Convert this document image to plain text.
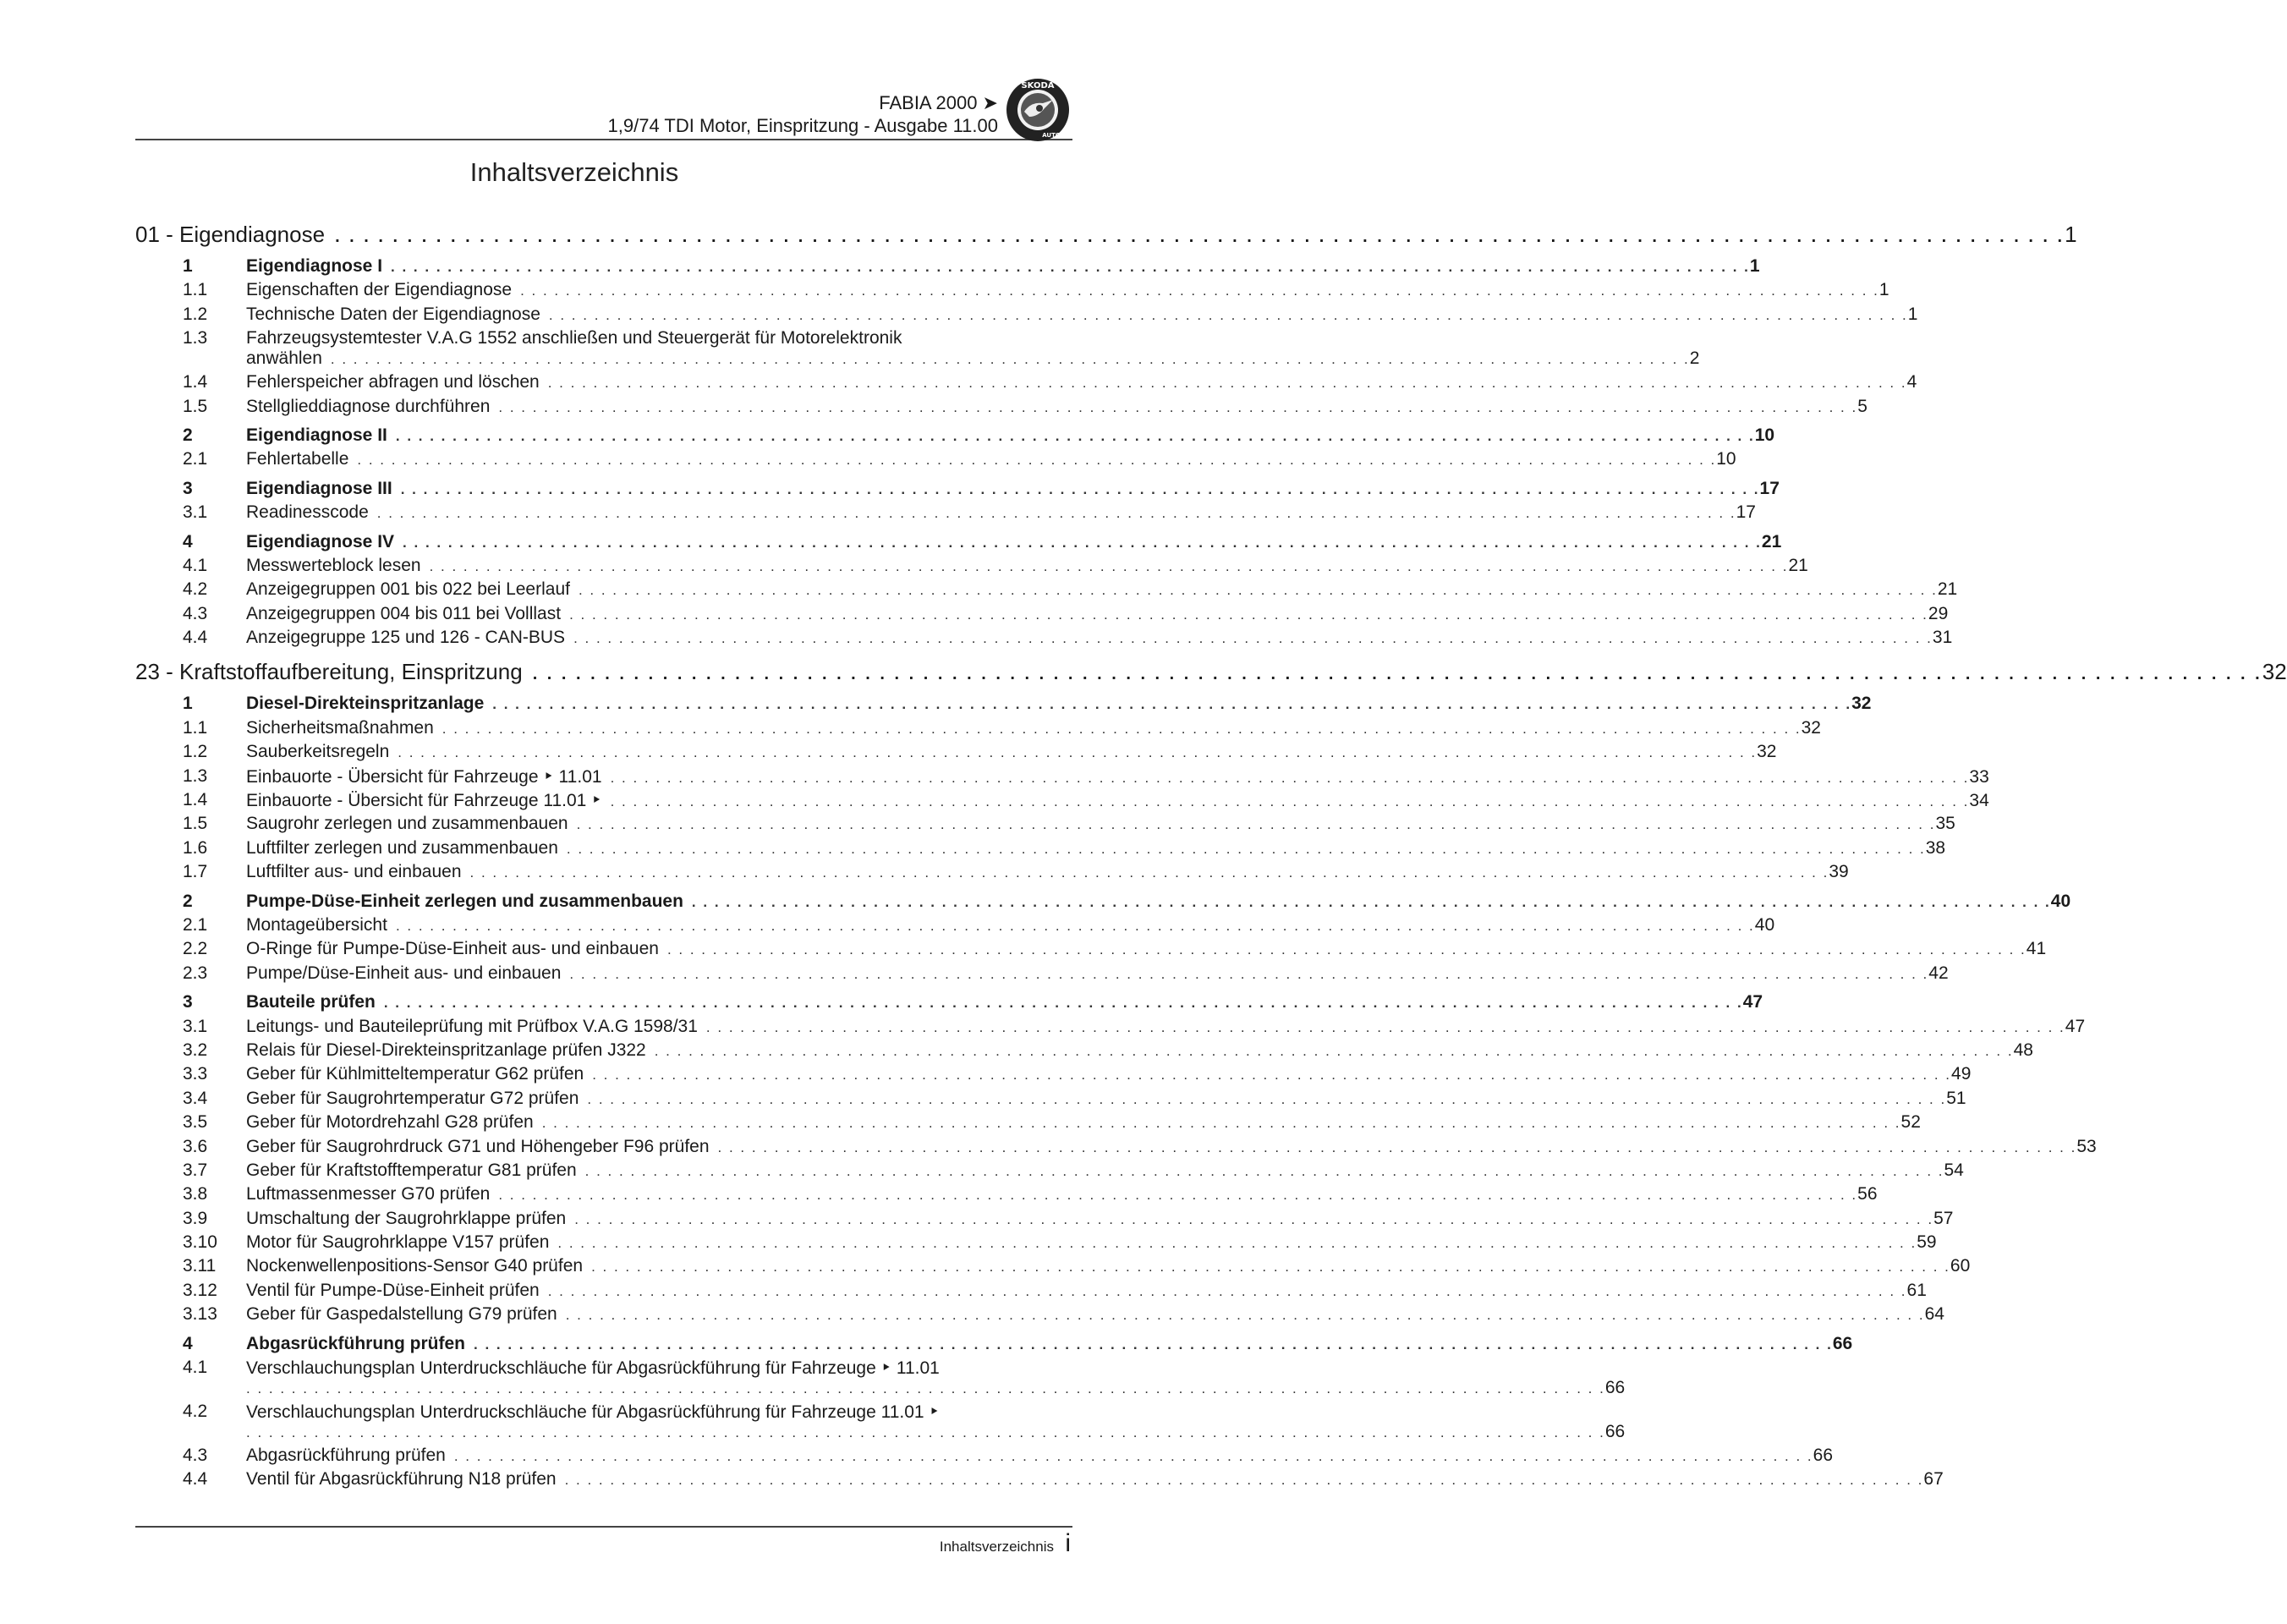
FABIA 2000 ➤
1,9/74 TDI Motor, Einspritzung - Ausgabe 11.00
ŠKODA
AUTO
Inhaltsverzeichnis
01 - Eigendiagnose . . . . . . . . . . . . . . . . . . . . . . . . . . . . . . . . . . . . . . . . . . . . . . . . . . . . . . . . . . . . . . . . . . . . . . . . . . . . . . . . . . . . . . . . . . . . . . . . . . . . . . . . . . . . . . . . . . . . . . . . 1
1	Eigendiagnose I . . . . . . . . . . . . . . . . . . . . . . . . . . . . . . . . . . . . . . . . . . . . . . . . . . . . . . . . . . . . . . . . . . . . . . . . . . . . . . . . . . . . . . . . . . . . . . . . . . . . . . . . . . . . . . . . . . . . . . . . 1
1.1 Eigenschaften der Eigendiagnose . . . . . . . . . . . . . . . . . . . . . . . . . . . . . . . . . . . . . . . . . . . . . . . . . . . . . . . . . . . . . . . . . . . . . . . . . . . . . . . . . . . . . . . . . . . . . . . . . . . . . . . . . . . . . . . . . . . . . . . . 1
1.2 Technische Daten der Eigendiagnose . . . . . . . . . . . . . . . . . . . . . . . . . . . . . . . . . . . . . . . . . . . . . . . . . . . . . . . . . . . . . . . . . . . . . . . . . . . . . . . . . . . . . . . . . . . . . . . . . . . . . . . . . . . . . . . . . . . . . . . . 1
1.3 Fahrzeugsystemtester V.A.G 1552 anschließen und Steuergerät für Motorelektronik
anwählen . . . . . . . . . . . . . . . . . . . . . . . . . . . . . . . . . . . . . . . . . . . . . . . . . . . . . . . . . . . . . . . . . . . . . . . . . . . . . . . . . . . . . . . . . . . . . . . . . . . . . . . . . . . . . . . . . . . . . . . . 2
1.4 Fehlerspeicher abfragen und löschen . . . . . . . . . . . . . . . . . . . . . . . . . . . . . . . . . . . . . . . . . . . . . . . . . . . . . . . . . . . . . . . . . . . . . . . . . . . . . . . . . . . . . . . . . . . . . . . . . . . . . . . . . . . . . . . . . . . . . . . . 4
1.5 Stellglieddiagnose durchführen . . . . . . . . . . . . . . . . . . . . . . . . . . . . . . . . . . . . . . . . . . . . . . . . . . . . . . . . . . . . . . . . . . . . . . . . . . . . . . . . . . . . . . . . . . . . . . . . . . . . . . . . . . . . . . . . . . . . . . . . 5
2	Eigendiagnose II . . . . . . . . . . . . . . . . . . . . . . . . . . . . . . . . . . . . . . . . . . . . . . . . . . . . . . . . . . . . . . . . . . . . . . . . . . . . . . . . . . . . . . . . . . . . . . . . . . . . . . . . . . . . . . . . . . . . . . . . 10
2.1 Fehlertabelle . . . . . . . . . . . . . . . . . . . . . . . . . . . . . . . . . . . . . . . . . . . . . . . . . . . . . . . . . . . . . . . . . . . . . . . . . . . . . . . . . . . . . . . . . . . . . . . . . . . . . . . . . . . . . . . . . . . . . . . . 10
3	Eigendiagnose III . . . . . . . . . . . . . . . . . . . . . . . . . . . . . . . . . . . . . . . . . . . . . . . . . . . . . . . . . . . . . . . . . . . . . . . . . . . . . . . . . . . . . . . . . . . . . . . . . . . . . . . . . . . . . . . . . . . . . . . . 17
3.1 Readinesscode . . . . . . . . . . . . . . . . . . . . . . . . . . . . . . . . . . . . . . . . . . . . . . . . . . . . . . . . . . . . . . . . . . . . . . . . . . . . . . . . . . . . . . . . . . . . . . . . . . . . . . . . . . . . . . . . . . . . . . . . 17
4	Eigendiagnose IV . . . . . . . . . . . . . . . . . . . . . . . . . . . . . . . . . . . . . . . . . . . . . . . . . . . . . . . . . . . . . . . . . . . . . . . . . . . . . . . . . . . . . . . . . . . . . . . . . . . . . . . . . . . . . . . . . . . . . . . . 21
4.1 Messwerteblock lesen . . . . . . . . . . . . . . . . . . . . . . . . . . . . . . . . . . . . . . . . . . . . . . . . . . . . . . . . . . . . . . . . . . . . . . . . . . . . . . . . . . . . . . . . . . . . . . . . . . . . . . . . . . . . . . . . . . . . . . . . 21
4.2 Anzeigegruppen 001 bis 022 bei Leerlauf . . . . . . . . . . . . . . . . . . . . . . . . . . . . . . . . . . . . . . . . . . . . . . . . . . . . . . . . . . . . . . . . . . . . . . . . . . . . . . . . . . . . . . . . . . . . . . . . . . . . . . . . . . . . . . . . . . . . . . . . 21
4.3 Anzeigegruppen 004 bis 011 bei Volllast . . . . . . . . . . . . . . . . . . . . . . . . . . . . . . . . . . . . . . . . . . . . . . . . . . . . . . . . . . . . . . . . . . . . . . . . . . . . . . . . . . . . . . . . . . . . . . . . . . . . . . . . . . . . . . . . . . . . . . . . 29
4.4 Anzeigegruppe 125 und 126 - CAN-BUS . . . . . . . . . . . . . . . . . . . . . . . . . . . . . . . . . . . . . . . . . . . . . . . . . . . . . . . . . . . . . . . . . . . . . . . . . . . . . . . . . . . . . . . . . . . . . . . . . . . . . . . . . . . . . . . . . . . . . . . . 31
23 - Kraftstoffaufbereitung, Einspritzung . . . . . . . . . . . . . . . . . . . . . . . . . . . . . . . . . . . . . . . . . . . . . . . . . . . . . . . . . . . . . . . . . . . . . . . . . . . . . . . . . . . . . . . . . . . . . . . . . . . . . . . . . . . . . . . . . . . . . . . . 32
1	Diesel-Direkteinspritzanlage . . . . . . . . . . . . . . . . . . . . . . . . . . . . . . . . . . . . . . . . . . . . . . . . . . . . . . . . . . . . . . . . . . . . . . . . . . . . . . . . . . . . . . . . . . . . . . . . . . . . . . . . . . . . . . . . . . . . . . . . 32
1.1 Sicherheitsmaßnahmen . . . . . . . . . . . . . . . . . . . . . . . . . . . . . . . . . . . . . . . . . . . . . . . . . . . . . . . . . . . . . . . . . . . . . . . . . . . . . . . . . . . . . . . . . . . . . . . . . . . . . . . . . . . . . . . . . . . . . . . . 32
1.2 Sauberkeitsregeln . . . . . . . . . . . . . . . . . . . . . . . . . . . . . . . . . . . . . . . . . . . . . . . . . . . . . . . . . . . . . . . . . . . . . . . . . . . . . . . . . . . . . . . . . . . . . . . . . . . . . . . . . . . . . . . . . . . . . . . . 32
1.3 Einbauorte - Übersicht für Fahrzeuge ‣ 11.01 . . . . . . . . . . . . . . . . . . . . . . . . . . . . . . . . . . . . . . . . . . . . . . . . . . . . . . . . . . . . . . . . . . . . . . . . . . . . . . . . . . . . . . . . . . . . . . . . . . . . . . . . . . . . . . . . . . . . . . . . 33
1.4 Einbauorte - Übersicht für Fahrzeuge 11.01 ‣ . . . . . . . . . . . . . . . . . . . . . . . . . . . . . . . . . . . . . . . . . . . . . . . . . . . . . . . . . . . . . . . . . . . . . . . . . . . . . . . . . . . . . . . . . . . . . . . . . . . . . . . . . . . . . . . . . . . . . . . . 34
1.5 Saugrohr zerlegen und zusammenbauen . . . . . . . . . . . . . . . . . . . . . . . . . . . . . . . . . . . . . . . . . . . . . . . . . . . . . . . . . . . . . . . . . . . . . . . . . . . . . . . . . . . . . . . . . . . . . . . . . . . . . . . . . . . . . . . . . . . . . . . . 35
1.6 Luftfilter zerlegen und zusammenbauen . . . . . . . . . . . . . . . . . . . . . . . . . . . . . . . . . . . . . . . . . . . . . . . . . . . . . . . . . . . . . . . . . . . . . . . . . . . . . . . . . . . . . . . . . . . . . . . . . . . . . . . . . . . . . . . . . . . . . . . . 38
1.7 Luftfilter aus- und einbauen . . . . . . . . . . . . . . . . . . . . . . . . . . . . . . . . . . . . . . . . . . . . . . . . . . . . . . . . . . . . . . . . . . . . . . . . . . . . . . . . . . . . . . . . . . . . . . . . . . . . . . . . . . . . . . . . . . . . . . . . 39
2	Pumpe-Düse-Einheit zerlegen und zusammenbauen . . . . . . . . . . . . . . . . . . . . . . . . . . . . . . . . . . . . . . . . . . . . . . . . . . . . . . . . . . . . . . . . . . . . . . . . . . . . . . . . . . . . . . . . . . . . . . . . . . . . . . . . . . . . . . . . . . . . . . . . 40
2.1 Montageübersicht . . . . . . . . . . . . . . . . . . . . . . . . . . . . . . . . . . . . . . . . . . . . . . . . . . . . . . . . . . . . . . . . . . . . . . . . . . . . . . . . . . . . . . . . . . . . . . . . . . . . . . . . . . . . . . . . . . . . . . . . 40
2.2 O-Ringe für Pumpe-Düse-Einheit aus- und einbauen . . . . . . . . . . . . . . . . . . . . . . . . . . . . . . . . . . . . . . . . . . . . . . . . . . . . . . . . . . . . . . . . . . . . . . . . . . . . . . . . . . . . . . . . . . . . . . . . . . . . . . . . . . . . . . . . . . . . . . . . 41
2.3 Pumpe/Düse-Einheit aus- und einbauen . . . . . . . . . . . . . . . . . . . . . . . . . . . . . . . . . . . . . . . . . . . . . . . . . . . . . . . . . . . . . . . . . . . . . . . . . . . . . . . . . . . . . . . . . . . . . . . . . . . . . . . . . . . . . . . . . . . . . . . . 42
3	Bauteile prüfen . . . . . . . . . . . . . . . . . . . . . . . . . . . . . . . . . . . . . . . . . . . . . . . . . . . . . . . . . . . . . . . . . . . . . . . . . . . . . . . . . . . . . . . . . . . . . . . . . . . . . . . . . . . . . . . . . . . . . . . . 47
3.1 Leitungs- und Bauteileprüfung mit Prüfbox V.A.G 1598/31 . . . . . . . . . . . . . . . . . . . . . . . . . . . . . . . . . . . . . . . . . . . . . . . . . . . . . . . . . . . . . . . . . . . . . . . . . . . . . . . . . . . . . . . . . . . . . . . . . . . . . . . . . . . . . . . . . . . . . . . . 47
3.2 Relais für Diesel-Direkteinspritzanlage prüfen J322 . . . . . . . . . . . . . . . . . . . . . . . . . . . . . . . . . . . . . . . . . . . . . . . . . . . . . . . . . . . . . . . . . . . . . . . . . . . . . . . . . . . . . . . . . . . . . . . . . . . . . . . . . . . . . . . . . . . . . . . . 48
3.3 Geber für Kühlmitteltemperatur G62 prüfen . . . . . . . . . . . . . . . . . . . . . . . . . . . . . . . . . . . . . . . . . . . . . . . . . . . . . . . . . . . . . . . . . . . . . . . . . . . . . . . . . . . . . . . . . . . . . . . . . . . . . . . . . . . . . . . . . . . . . . . . 49
3.4 Geber für Saugrohrtemperatur G72 prüfen . . . . . . . . . . . . . . . . . . . . . . . . . . . . . . . . . . . . . . . . . . . . . . . . . . . . . . . . . . . . . . . . . . . . . . . . . . . . . . . . . . . . . . . . . . . . . . . . . . . . . . . . . . . . . . . . . . . . . . . . 51
3.5 Geber für Motordrehzahl G28 prüfen . . . . . . . . . . . . . . . . . . . . . . . . . . . . . . . . . . . . . . . . . . . . . . . . . . . . . . . . . . . . . . . . . . . . . . . . . . . . . . . . . . . . . . . . . . . . . . . . . . . . . . . . . . . . . . . . . . . . . . . . 52
3.6 Geber für Saugrohrdruck G71 und Höhengeber F96 prüfen . . . . . . . . . . . . . . . . . . . . . . . . . . . . . . . . . . . . . . . . . . . . . . . . . . . . . . . . . . . . . . . . . . . . . . . . . . . . . . . . . . . . . . . . . . . . . . . . . . . . . . . . . . . . . . . . . . . . . . . . 53
3.7 Geber für Kraftstofftemperatur G81 prüfen . . . . . . . . . . . . . . . . . . . . . . . . . . . . . . . . . . . . . . . . . . . . . . . . . . . . . . . . . . . . . . . . . . . . . . . . . . . . . . . . . . . . . . . . . . . . . . . . . . . . . . . . . . . . . . . . . . . . . . . . 54
3.8 Luftmassenmesser G70 prüfen . . . . . . . . . . . . . . . . . . . . . . . . . . . . . . . . . . . . . . . . . . . . . . . . . . . . . . . . . . . . . . . . . . . . . . . . . . . . . . . . . . . . . . . . . . . . . . . . . . . . . . . . . . . . . . . . . . . . . . . . 56
3.9 Umschaltung der Saugrohrklappe prüfen . . . . . . . . . . . . . . . . . . . . . . . . . . . . . . . . . . . . . . . . . . . . . . . . . . . . . . . . . . . . . . . . . . . . . . . . . . . . . . . . . . . . . . . . . . . . . . . . . . . . . . . . . . . . . . . . . . . . . . . . 57
3.10 Motor für Saugrohrklappe V157 prüfen . . . . . . . . . . . . . . . . . . . . . . . . . . . . . . . . . . . . . . . . . . . . . . . . . . . . . . . . . . . . . . . . . . . . . . . . . . . . . . . . . . . . . . . . . . . . . . . . . . . . . . . . . . . . . . . . . . . . . . . . 59
3.11 Nockenwellenpositions-Sensor G40 prüfen . . . . . . . . . . . . . . . . . . . . . . . . . . . . . . . . . . . . . . . . . . . . . . . . . . . . . . . . . . . . . . . . . . . . . . . . . . . . . . . . . . . . . . . . . . . . . . . . . . . . . . . . . . . . . . . . . . . . . . . . 60
3.12 Ventil für Pumpe-Düse-Einheit prüfen . . . . . . . . . . . . . . . . . . . . . . . . . . . . . . . . . . . . . . . . . . . . . . . . . . . . . . . . . . . . . . . . . . . . . . . . . . . . . . . . . . . . . . . . . . . . . . . . . . . . . . . . . . . . . . . . . . . . . . . . 61
3.13 Geber für Gaspedalstellung G79 prüfen . . . . . . . . . . . . . . . . . . . . . . . . . . . . . . . . . . . . . . . . . . . . . . . . . . . . . . . . . . . . . . . . . . . . . . . . . . . . . . . . . . . . . . . . . . . . . . . . . . . . . . . . . . . . . . . . . . . . . . . . 64
4	Abgasrückführung prüfen . . . . . . . . . . . . . . . . . . . . . . . . . . . . . . . . . . . . . . . . . . . . . . . . . . . . . . . . . . . . . . . . . . . . . . . . . . . . . . . . . . . . . . . . . . . . . . . . . . . . . . . . . . . . . . . . . . . . . . . . 66
4.1 Verschlauchungsplan Unterdruckschläuche für Abgasrückführung für Fahrzeuge ‣ 11.01
. . . . . . . . . . . . . . . . . . . . . . . . . . . . . . . . . . . . . . . . . . . . . . . . . . . . . . . . . . . . . . . . . . . . . . . . . . . . . . . . . . . . . . . . . . . . . . . . . . . . . . . . . . . . . . . . . . . . . . . . 66
4.2 Verschlauchungsplan Unterdruckschläuche für Abgasrückführung für Fahrzeuge 11.01 ‣
. . . . . . . . . . . . . . . . . . . . . . . . . . . . . . . . . . . . . . . . . . . . . . . . . . . . . . . . . . . . . . . . . . . . . . . . . . . . . . . . . . . . . . . . . . . . . . . . . . . . . . . . . . . . . . . . . . . . . . . . 66
4.3 Abgasrückführung prüfen . . . . . . . . . . . . . . . . . . . . . . . . . . . . . . . . . . . . . . . . . . . . . . . . . . . . . . . . . . . . . . . . . . . . . . . . . . . . . . . . . . . . . . . . . . . . . . . . . . . . . . . . . . . . . . . . . . . . . . . . 66
4.4 Ventil für Abgasrückführung N18 prüfen . . . . . . . . . . . . . . . . . . . . . . . . . . . . . . . . . . . . . . . . . . . . . . . . . . . . . . . . . . . . . . . . . . . . . . . . . . . . . . . . . . . . . . . . . . . . . . . . . . . . . . . . . . . . . . . . . . . . . . . . 67
Inhaltsverzeichnis i
